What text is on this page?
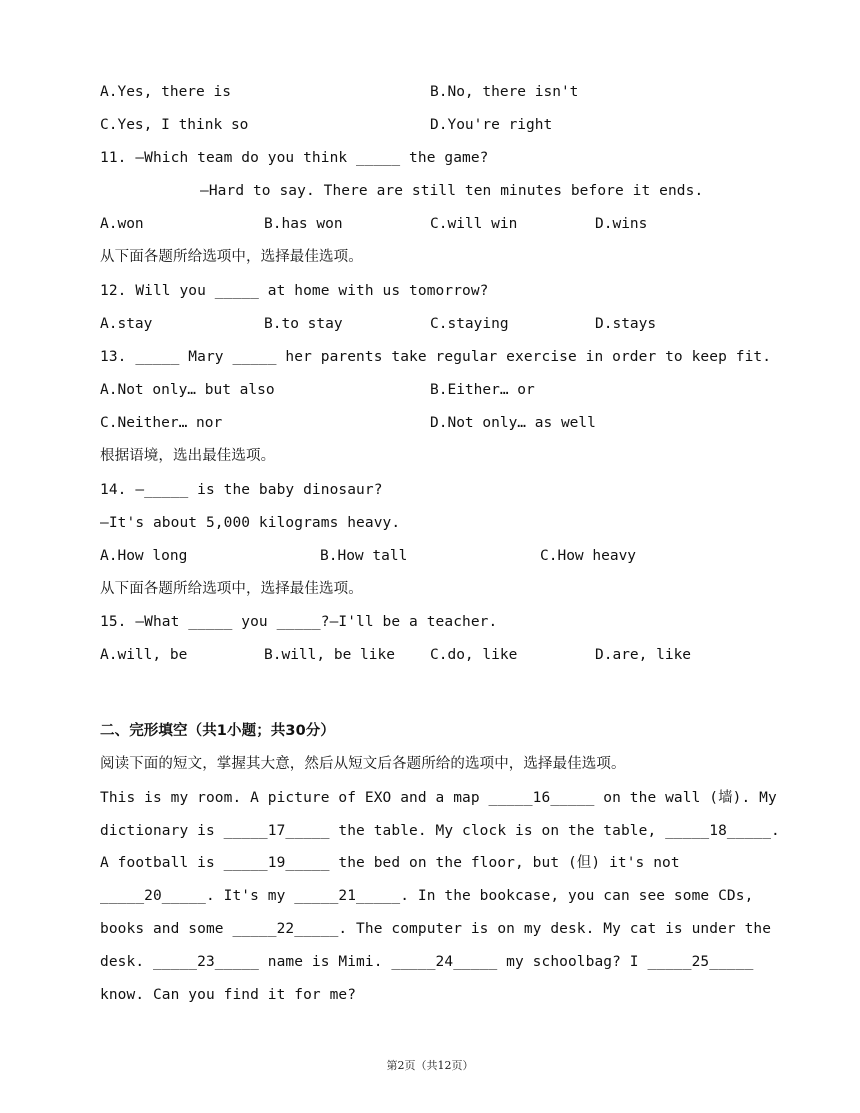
A.Yes, there is	B.No, there isn't
C.Yes, I think so	D.You're right
11. —Which team do you think _____ the game?
—Hard to say. There are still ten minutes before it ends.
A.won	B.has won	C.will win	D.wins
从下面各题所给选项中，选择最佳选项。
12. Will you _____ at home with us tomorrow?
A.stay	B.to stay	C.staying	D.stays
13. _____ Mary _____ her parents take regular exercise in order to keep fit.
A.Not only… but also	B.Either… or
C.Neither… nor	D.Not only… as well
根据语境，选出最佳选项。
14. —_____ is the baby dinosaur?
—It's about 5,000 kilograms heavy.
A.How long	B.How tall	C.How heavy
从下面各题所给选项中，选择最佳选项。
15. —What _____ you _____?—I'll be a teacher.
A.will, be	B.will, be like C.do, like	D.are, like
二、完形填空（共1小题；共30分）
阅读下面的短文，掌握其大意，然后从短文后各题所给的选项中，选择最佳选项。
This is my room. A picture of EXO and a map _____16_____ on the wall (墙). My
dictionary is _____17_____ the table. My clock is on the table, _____18_____.
A football is _____19_____ the bed on the floor, but (但) it's not
_____20_____. It's my _____21_____. In the bookcase, you can see some CDs,
books and some _____22_____. The computer is on my desk. My cat is under the
desk. _____23_____ name is Mimi. _____24_____ my schoolbag? I _____25_____
know. Can you find it for me?
第2页（共12页）
